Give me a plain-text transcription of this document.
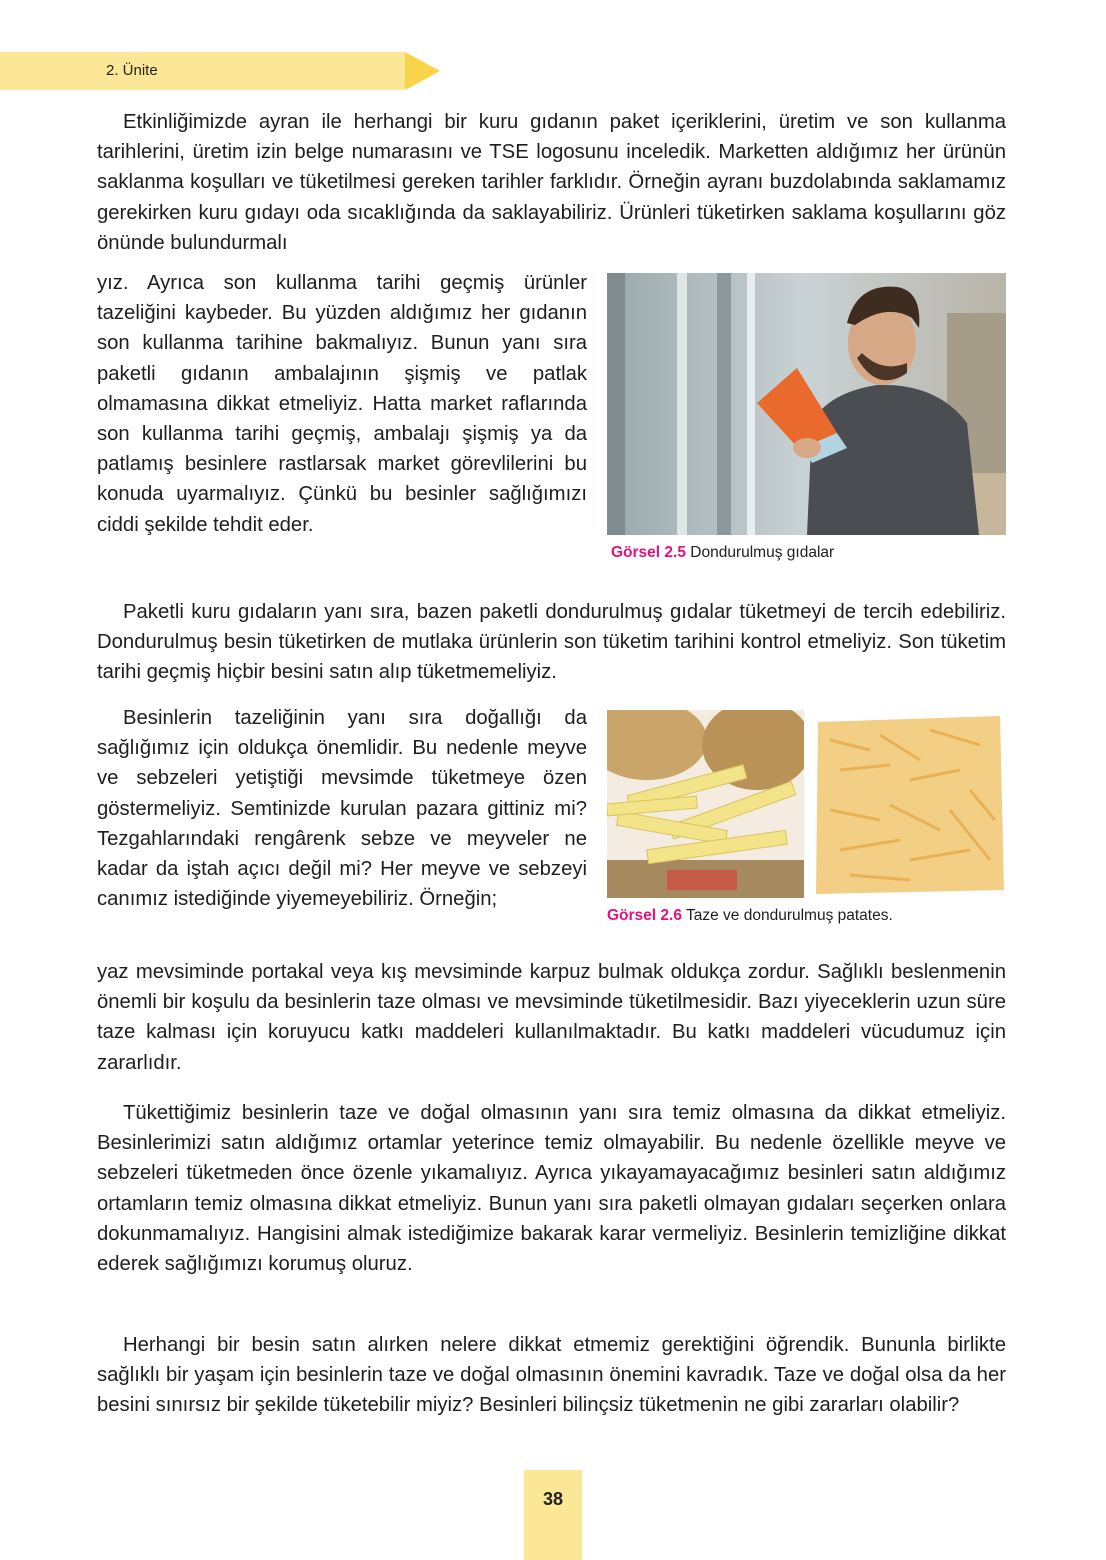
2. Ünite

Etkinliğimizde ayran ile herhangi bir kuru gıdanın paket içeriklerini, üretim ve son kullanma tarihlerini, üretim izin belge numarasını ve TSE logosunu inceledik. Marketten aldığımız her ürünün saklanma koşulları ve tüketilmesi gereken tarihler farklıdır. Örneğin ayranı buzdolabında saklamamız gerekirken kuru gıdayı oda sıcaklığında da saklayabiliriz. Ürünleri tüketirken saklama koşullarını göz önünde bulundurmalı

yız. Ayrıca son kullanma tarihi geçmiş ürünler tazeliğini kaybeder. Bu yüzden aldığımız her gıdanın son kullanma tarihine bakmalıyız. Bunun yanı sıra paketli gıdanın ambalajının şişmiş ve patlak olmamasına dikkat etmeliyiz. Hatta market raflarında son kullanma tarihi geçmiş, ambalajı şişmiş ya da patlamış besinlere rastlarsak market görevlilerini bu konuda uyarmalıyız. Çünkü bu besinler sağlığımızı ciddi şekilde tehdit eder.

Görsel 2.5 Dondurulmuş gıdalar

Paketli kuru gıdaların yanı sıra, bazen paketli dondurulmuş gıdalar tüketmeyi de tercih edebiliriz. Dondurulmuş besin tüketirken de mutlaka ürünlerin son tüketim tarihini kontrol etmeliyiz. Son tüketim tarihi geçmiş hiçbir besini satın alıp tüketmemeliyiz.

Besinlerin tazeliğinin yanı sıra doğallığı da sağlığımız için oldukça önemlidir. Bu nedenle meyve ve sebzeleri yetiştiği mevsimde tüketmeye özen göstermeliyiz. Semtinizde kurulan pazara gittiniz mi? Tezgahlarındaki rengârenk sebze ve meyveler ne kadar da iştah açıcı değil mi? Her meyve ve sebzeyi canımız istediğinde yiyemeyebiliriz. Örneğin;

Görsel 2.6 Taze ve dondurulmuş patates.

yaz mevsiminde portakal veya kış mevsiminde karpuz bulmak oldukça zordur. Sağlıklı beslenmenin önemli bir koşulu da besinlerin taze olması ve mevsiminde tüketilmesidir. Bazı yiyeceklerin uzun süre taze kalması için koruyucu katkı maddeleri kullanılmaktadır. Bu katkı maddeleri vücudumuz için zararlıdır.

Tükettiğimiz besinlerin taze ve doğal olmasının yanı sıra temiz olmasına da dikkat etmeliyiz. Besinlerimizi satın aldığımız ortamlar yeterince temiz olmayabilir. Bu nedenle özellikle meyve ve sebzeleri tüketmeden önce özenle yıkamalıyız. Ayrıca yıkayamayacağımız besinleri satın aldığımız ortamların temiz olmasına dikkat etmeliyiz. Bunun yanı sıra paketli olmayan gıdaları seçerken onlara dokunmamalıyız. Hangisini almak istediğimize bakarak karar vermeliyiz. Besinlerin temizliğine dikkat ederek sağlığımızı korumuş oluruz.

Herhangi bir besin satın alırken nelere dikkat etmemiz gerektiğini öğrendik. Bununla birlikte sağlıklı bir yaşam için besinlerin taze ve doğal olmasının önemini kavradık. Taze ve doğal olsa da her besini sınırsız bir şekilde tüketebilir miyiz? Besinleri bilinçsiz tüketmenin ne gibi zararları olabilir?

38
